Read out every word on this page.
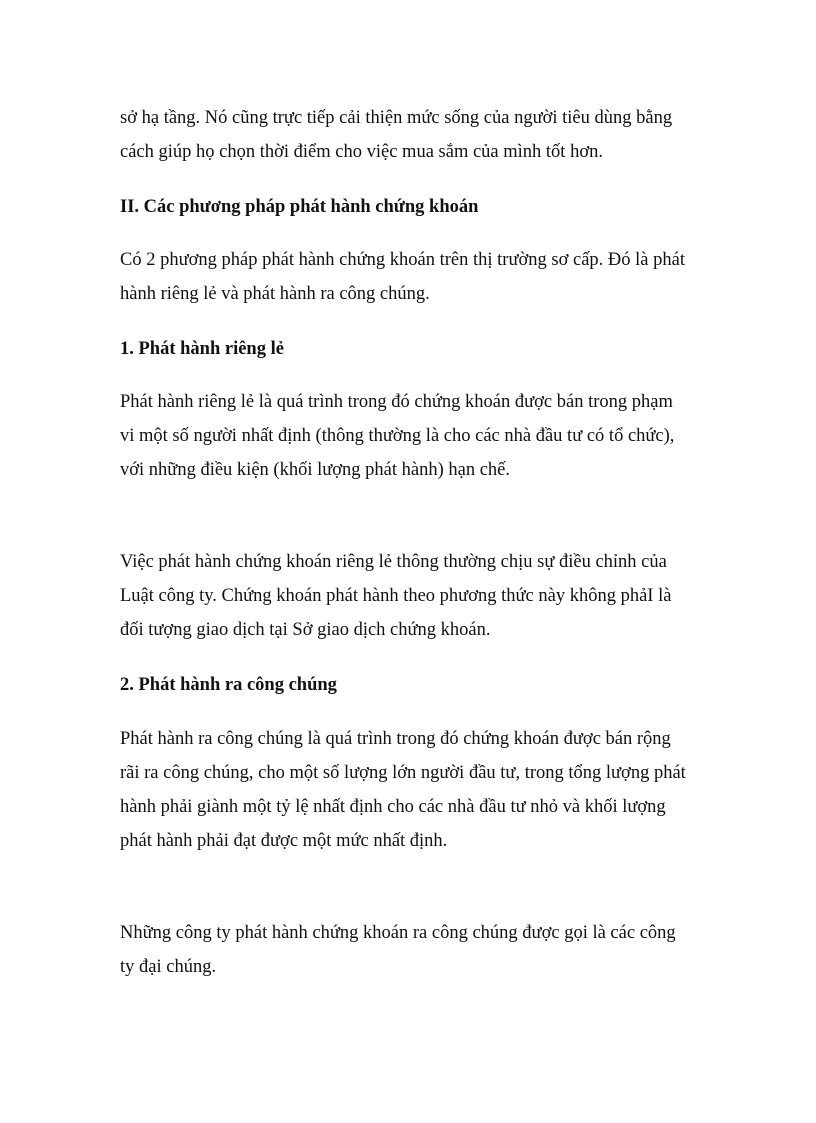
sở hạ tầng. Nó cũng trực tiếp cải thiện mức sống của người tiêu dùng bằng
cách giúp họ chọn thời điểm cho việc mua sắm của mình tốt hơn.

II. Các phương pháp phát hành chứng khoán

Có 2 phương pháp phát hành chứng khoán trên thị trường sơ cấp. Đó là phát
hành riêng lẻ và phát hành ra công chúng.

1. Phát hành riêng lẻ

Phát hành riêng lẻ là quá trình trong đó chứng khoán được bán trong phạm
vi một số người nhất định (thông thường là cho các nhà đầu tư có tổ chức),
với những điều kiện (khối lượng phát hành) hạn chế.

Việc phát hành chứng khoán riêng lẻ thông thường chịu sự điều chỉnh của
Luật công ty. Chứng khoán phát hành theo phương thức này không phảI là
đối tượng giao dịch tại Sở giao dịch chứng khoán.

2. Phát hành ra công chúng

Phát hành ra công chúng là quá trình trong đó chứng khoán được bán rộng
rãi ra công chúng, cho một số lượng lớn người đầu tư, trong tổng lượng phát
hành phải giành một tỷ lệ nhất định cho các nhà đầu tư nhỏ và khối lượng
phát hành phải đạt được một mức nhất định.

Những công ty phát hành chứng khoán ra công chúng được gọi là các công
ty đại chúng.
